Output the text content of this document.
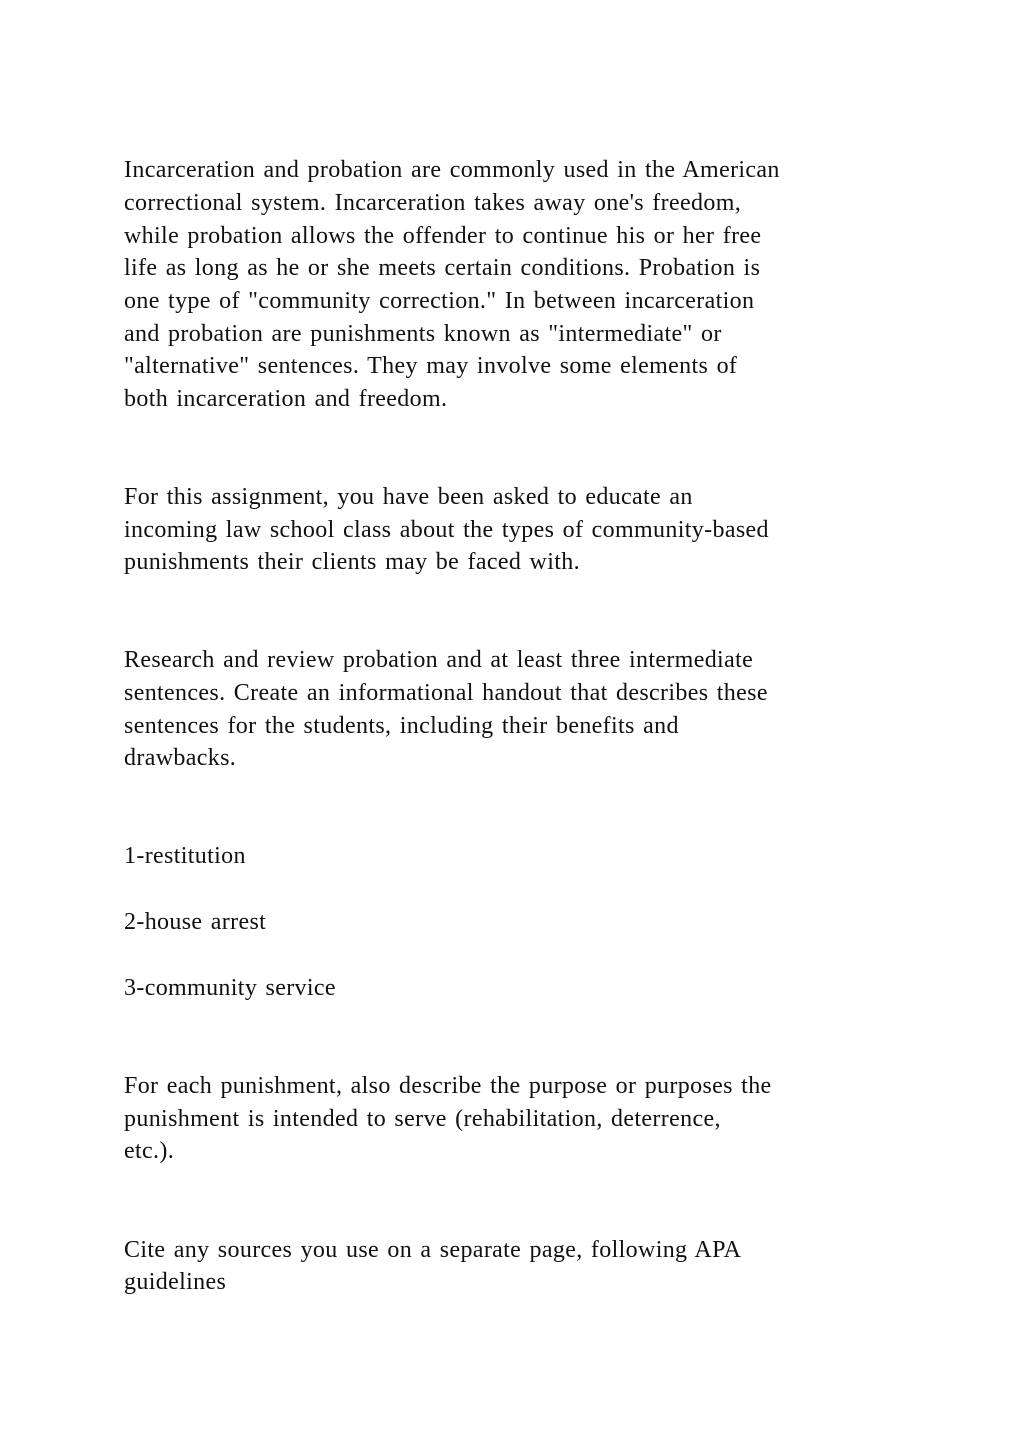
Incarceration and probation are commonly used in the American

correctional system. Incarceration takes away one's freedom,

while probation allows the offender to continue his or her free

life as long as he or she meets certain conditions. Probation is

one type of "community correction." In between incarceration

and probation are punishments known as "intermediate" or

"alternative" sentences. They may involve some elements of

both incarceration and freedom.

For this assignment, you have been asked to educate an

incoming law school class about the types of community-based

punishments their clients may be faced with.

Research and review probation and at least three intermediate

sentences. Create an informational handout that describes these

sentences for the students, including their benefits and

drawbacks.

1-restitution

2-house arrest

3-community service

For each punishment, also describe the purpose or purposes the

punishment is intended to serve (rehabilitation, deterrence,

etc.).

Cite any sources you use on a separate page, following APA

guidelines
